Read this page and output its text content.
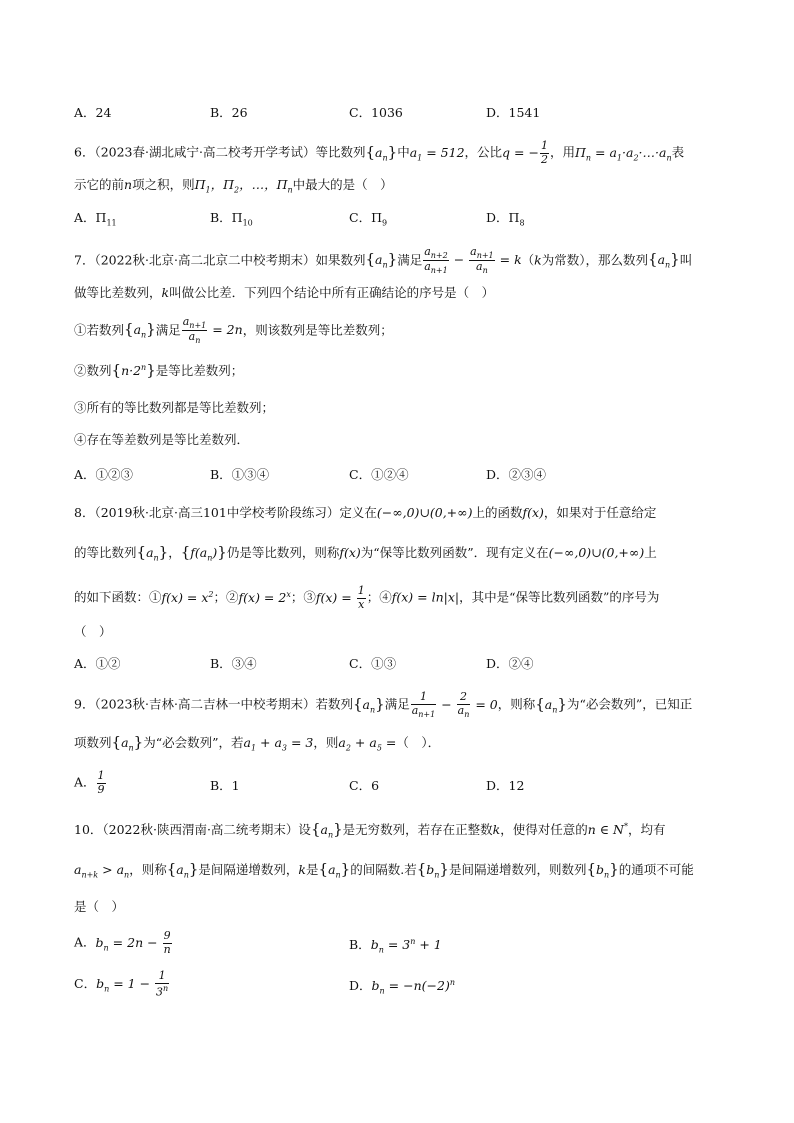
A．24	B．26	C．1036	D．1541
6．（2023春·湖北咸宁·高二校考开学考试）等比数列$\{a_n\}$中$a_1 = 512$，公比q = − $\frac{1}{2}$ ，用$\Pi_n$ = $a_1\cdot a_2\cdot\dots\cdot a_n$表
示它的前n项之积，则$\Pi_1$，$\Pi_2$，…，$\Pi_n$中最大的是（　）
A．$\Pi_{11}$	B．$\Pi_{10}$	C．$\Pi_9$	D．$\Pi_8$
7．（2022秋·北京·高二北京二中校考期末）如果数列$\{a_n\}$满足 $\frac{a_{n+2}}{a_{n+1}} - \frac{a_{n+1}}{a_n} = k(k$为常数），那么数列$\{a_n\}$叫
做等比差数列，k叫做公比差．下列四个结论中所有正确结论的序号是（　）
①若数列$\{a_n\}$满足 $\frac{a_{n+1}}{a_n} = 2n$，则该数列是等比差数列；
②数列$\{n\cdot 2^n\}$是等比差数列；
③所有的等比数列都是等比差数列；
④存在等差数列是等比差数列．
A．①②③	B．①③④	C．①②④	D．②③④
8．（2019秋·北京·高三101中学校考阶段练习）定义在(−∞,0)∪(0,+∞)上的函数f(x)，如果对于任意给定
的等比数列$\{a_n\}$，$\{f(a_n)\}$仍是等比数列，则称f(x)为“保等比数列函数”．现有定义在(−∞,0)∪(0,+∞)上
的如下函数：①f(x) = $x^2$；②f(x) = $2^x$；③f(x) = $\frac{1}{x}$ ；④f(x) = ln|x|，其中是“保等比数列函数”的序号为
（　）
A．①②	B．③④	C．①③	D．②④
9．（2023秋·吉林·高二吉林一中校考期末）若数列$\{a_n\}$满足 $\frac{1}{a_{n+1}} - \frac{2}{a_n} = 0$，则称$\{a_n\}$为“必会数列”，已知正
项数列$\{a_n\}$为“必会数列”，若$a_1 + a_3 = 3$，则$a_2 + a_5$ =（　）．
A． $\frac{1}{9}$	B．1	C．6	D．12
10．（2022秋·陕西渭南·高二统考期末）设$\{a_n\}$是无穷数列，若存在正整数k，使得对任意的n ∈ N*，均有
$a_{n+k} > a_n$，则称$\{a_n\}$是间隔递增数列，k是$\{a_n\}$的间隔数.若$\{b_n\}$是间隔递增数列，则数列$\{b_n\}$的通项不可能
是（　）
A．$b_n = 2n - \frac{9}{n}$	B．$b_n = 3^n + 1$
C．$b_n = 1 - \frac{1}{3^n}$	D．$b_n = -n(-2)^n$
